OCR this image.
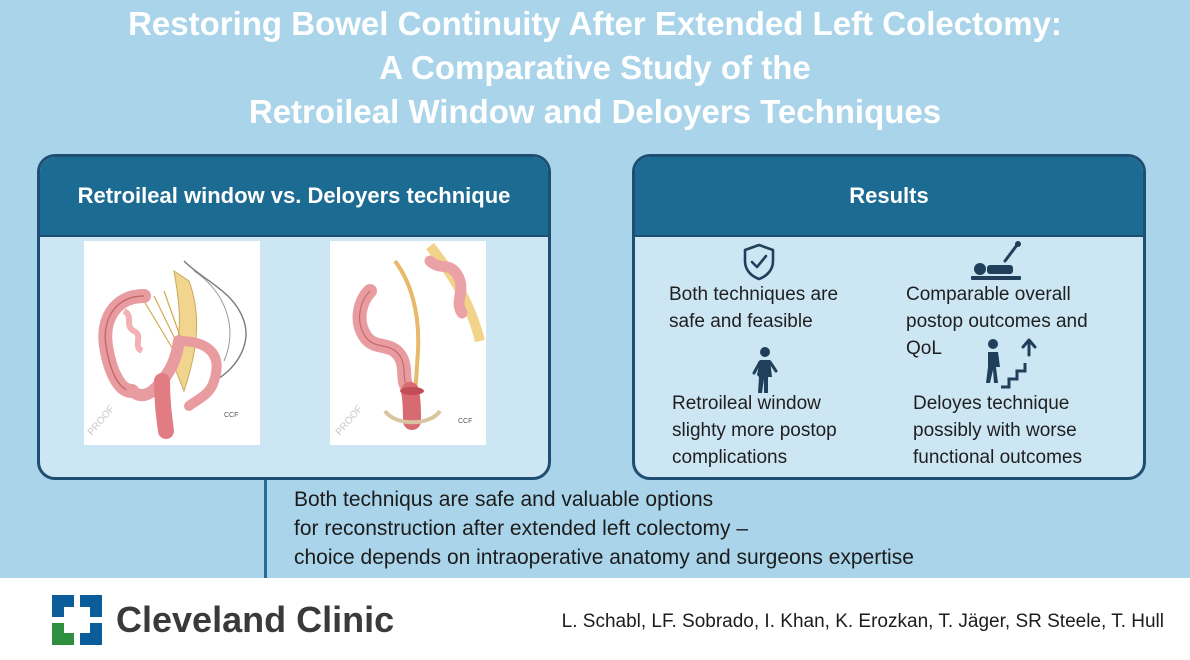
Restoring Bowel Continuity After Extended Left Colectomy:
A Comparative Study of the
Retroileal Window and Deloyers Techniques
Retroileal window vs. Deloyers technique
PROOF	CCF	PROOF	CCF
Results
Both techniques are
safe and feasible
Comparable overall
postop outcomes and
QoL
Retroileal window
slighty more postop
complications
Deloyes technique
possibly with worse
functional outcomes
Both techniqus are safe and valuable options
for reconstruction after extended left colectomy –
choice depends on intraoperative anatomy and surgeons expertise
Cleveland Clinic	L. Schabl, LF. Sobrado, I. Khan, K. Erozkan, T. Jäger, SR Steele, T. Hull
